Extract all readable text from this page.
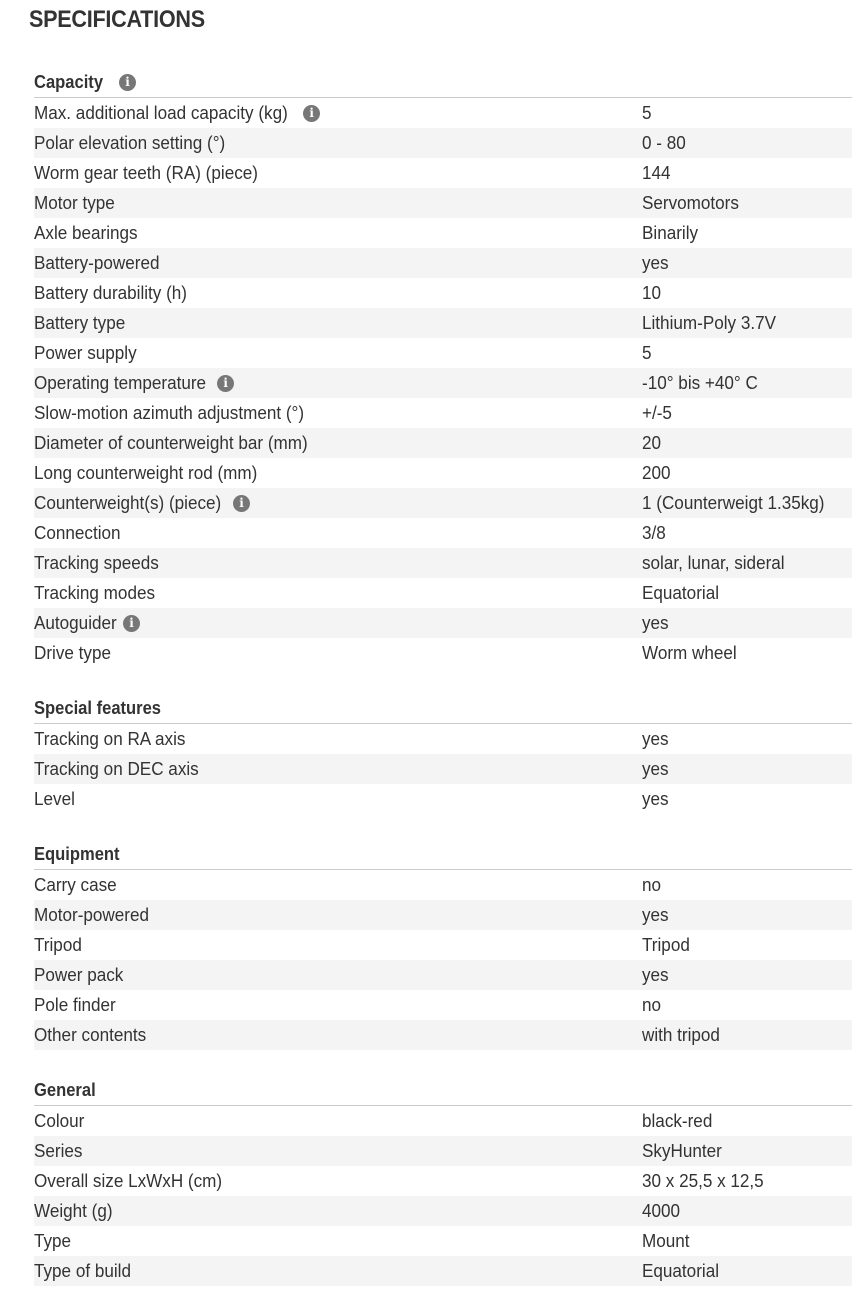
SPECIFICATIONS
Capacity	i
Max. additional load capacity (kg)	i	5
Polar elevation setting (°)	0 - 80
Worm gear teeth (RA) (piece)	144
Motor type	Servomotors
Axle bearings	Binarily
Battery-powered	yes
Battery durability (h)	10
Battery type	Lithium-Poly 3.7V
Power supply	5
Operating temperature	i	-10° bis +40° C
Slow-motion azimuth adjustment (°)	+/-5
Diameter of counterweight bar (mm)	20
Long counterweight rod (mm)	200
Counterweight(s) (piece)	i	1 (Counterweigt 1.35kg)
Connection	3/8
Tracking speeds	solar, lunar, sideral
Tracking modes	Equatorial
Autoguider	i	yes
Drive type	Worm wheel
Special features
Tracking on RA axis	yes
Tracking on DEC axis	yes
Level	yes
Equipment
Carry case	no
Motor-powered	yes
Tripod	Tripod
Power pack	yes
Pole finder	no
Other contents	with tripod
General
Colour	black-red
Series	SkyHunter
Overall size LxWxH (cm)	30 x 25,5 x 12,5
Weight (g)	4000
Type	Mount
Type of build	Equatorial
